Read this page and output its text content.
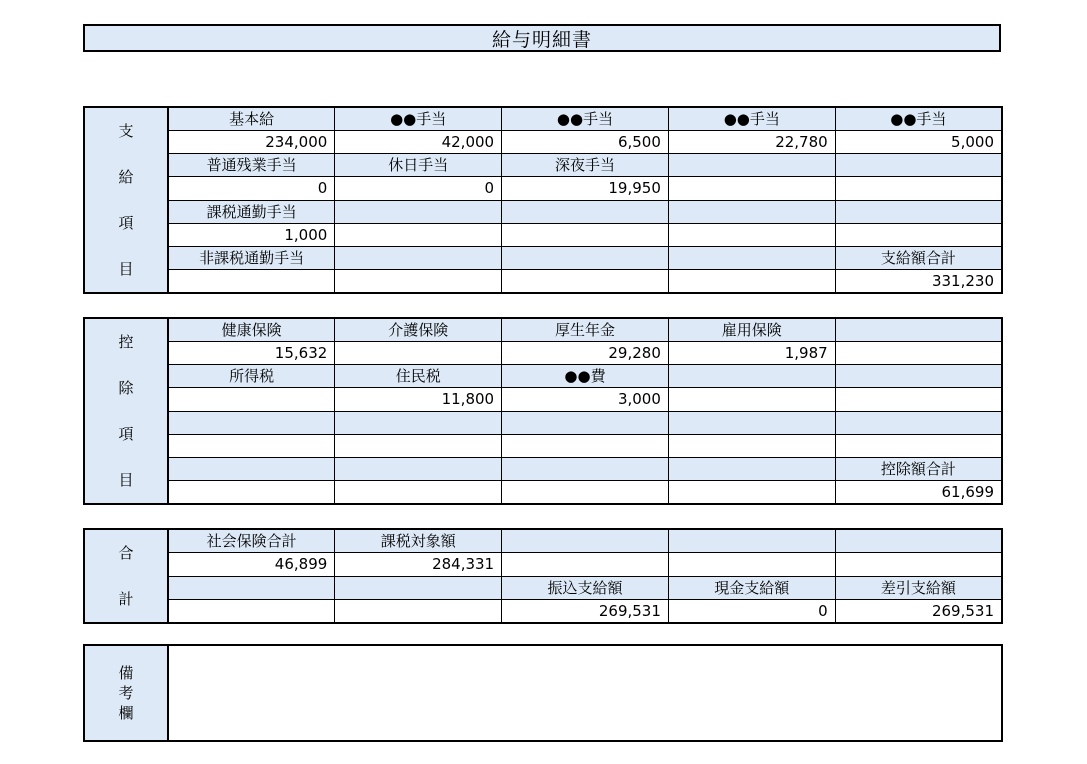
給与明細書
支
給
項
目	基本給	●●手当	●●手当	●●手当	●●手当
	234,000	42,000	6,500	22,780	5,000
	普通残業手当	休日手当	深夜手当		
	0	0	19,950		
	課税通勤手当				
	1,000				
	非課税通勤手当				支給額合計
					331,230
控
除
項
目	健康保険	介護保険	厚生年金	雇用保険	
	15,632		29,280	1,987	
	所得税	住民税	●●費		
		11,800	3,000		

					控除額合計
					61,699
合
計	社会保険合計	課税対象額			
	46,899	284,331			
			振込支給額	現金支給額	差引支給額
			269,531	0	269,531
備
考
欄
